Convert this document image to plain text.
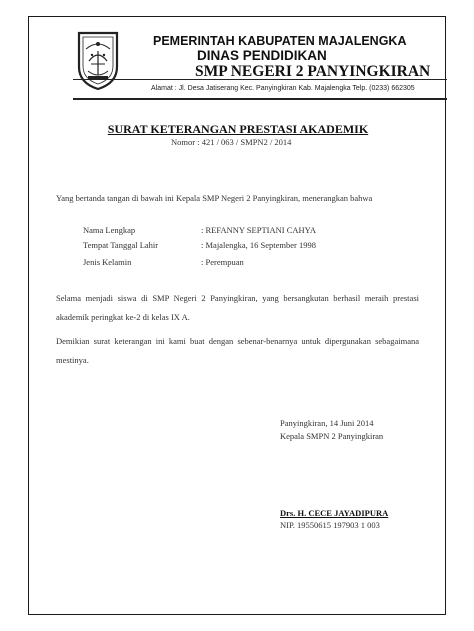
PEMERINTAH KABUPATEN MAJALENGKA
DINAS PENDIDIKAN
SMP NEGERI 2 PANYINGKIRAN
Alamat : Jl. Desa Jatiserang Kec. Panyingkiran Kab. Majalengka Telp. (0233) 662305
SURAT KETERANGAN PRESTASI AKADEMIK
Nomor : 421 / 063 / SMPN2 / 2014
Yang bertanda tangan di bawah ini Kepala SMP Negeri 2 Panyingkiran, menerangkan bahwa
Nama Lengkap	: REFANNY SEPTIANI CAHYA
Tempat Tanggal Lahir	: Majalengka, 16 September 1998
Jenis Kelamin	: Perempuan
Selama menjadi siswa di SMP Negeri 2 Panyingkiran, yang bersangkutan berhasil meraih prestasi akademik peringkat ke-2 di kelas IX A.
Demikian surat keterangan ini kami buat dengan sebenar-benarnya untuk dipergunakan sebagaimana mestinya.
Panyingkiran, 14 Juni 2014
Kepala SMPN 2 Panyingkiran
Drs. H. CECE JAYADIPURA
NIP. 19550615 197903 1 003
